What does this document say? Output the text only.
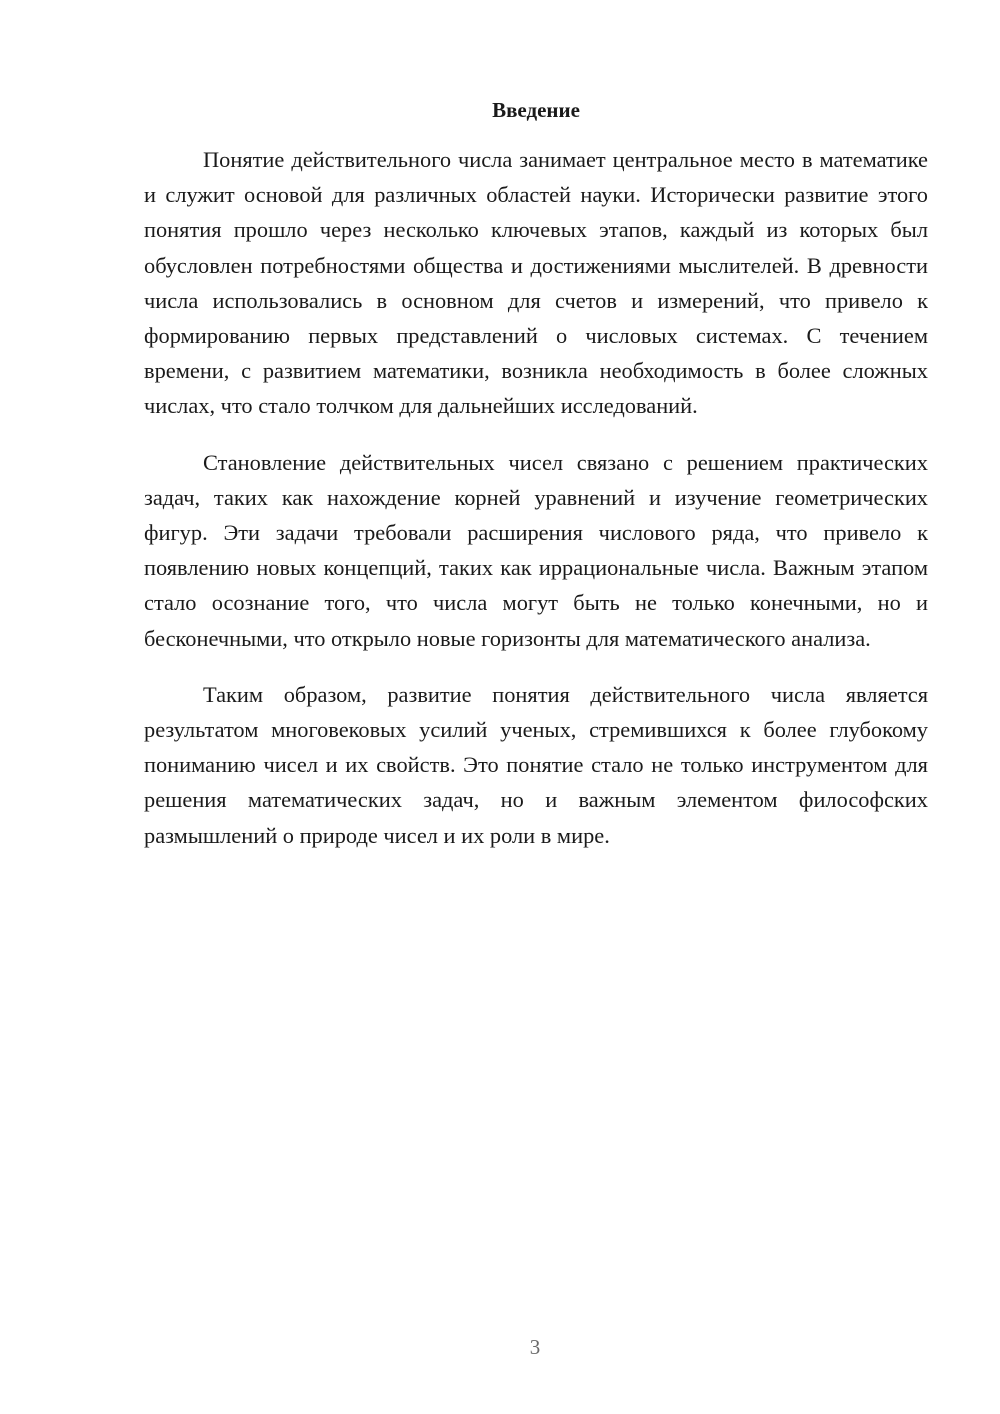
Введение

Понятие действительного числа занимает центральное место в математике и служит основой для различных областей науки. Исторически развитие этого понятия прошло через несколько ключевых этапов, каждый из которых был обусловлен потребностями общества и достижениями мыслителей. В древности числа использовались в основном для счетов и измерений, что привело к формированию первых представлений о числовых системах. С течением времени, с развитием математики, возникла необходимость в более сложных числах, что стало толчком для дальнейших исследований.

Становление действительных чисел связано с решением практических задач, таких как нахождение корней уравнений и изучение геометрических фигур. Эти задачи требовали расширения числового ряда, что привело к появлению новых концепций, таких как иррациональные числа. Важным этапом стало осознание того, что числа могут быть не только конечными, но и бесконечными, что открыло новые горизонты для математического анализа.

Таким образом, развитие понятия действительного числа является результатом многовековых усилий ученых, стремившихся к более глубокому пониманию чисел и их свойств. Это понятие стало не только инструментом для решения математических задач, но и важным элементом философских размышлений о природе чисел и их роли в мире.

3
